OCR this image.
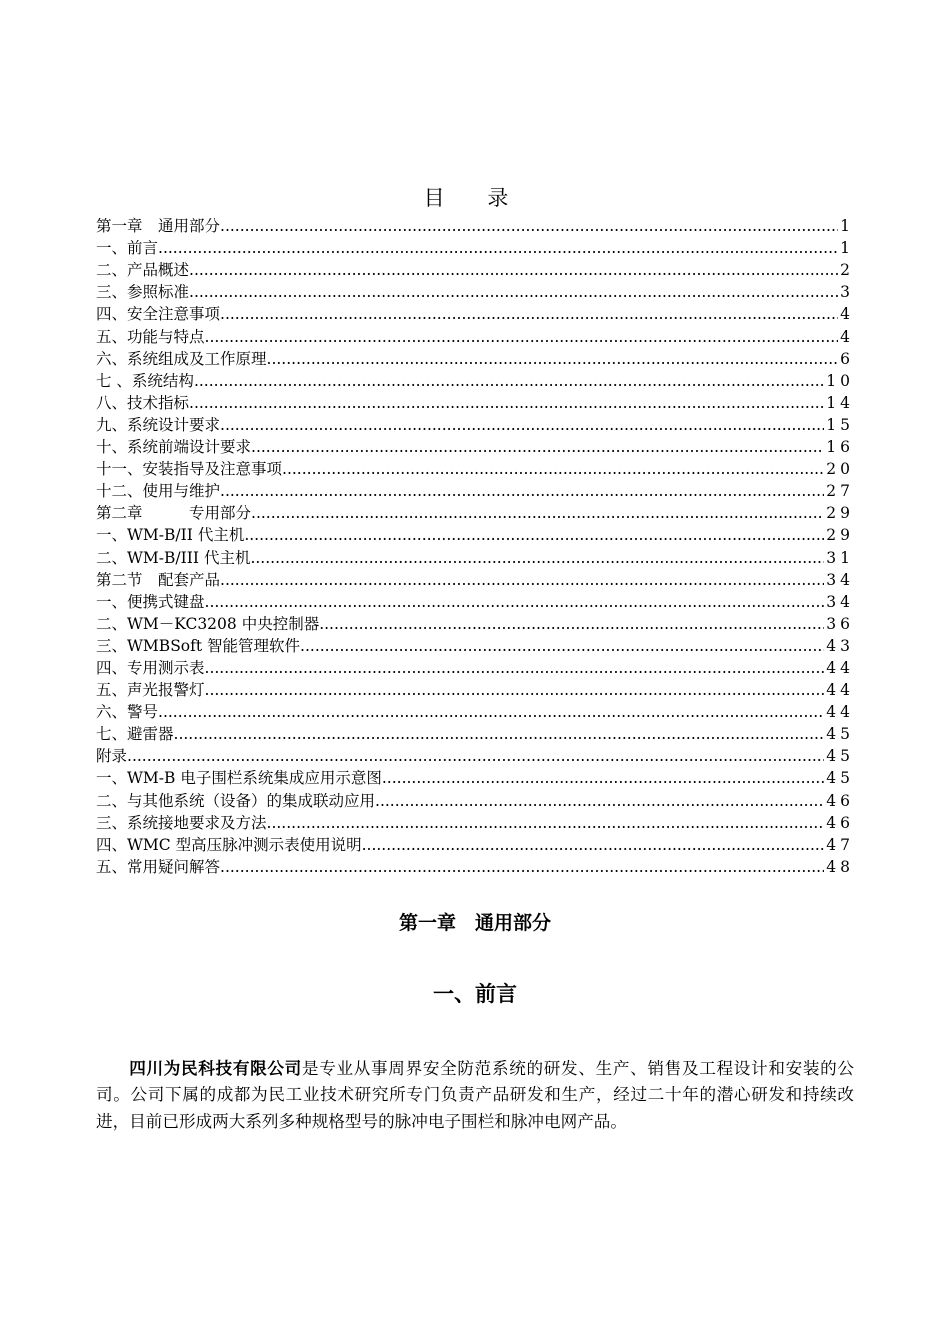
目 录
第一章　通用部分 .....	1
一、前言 .....	1
二、产品概述 .....	2
三、参照标准 .....	3
四、安全注意事项 .....	4
五、功能与特点 .....	4
六、系统组成及工作原理 .....	6
七 、系统结构 .....	10
八、技术指标 .....	14
九、系统设计要求 .....	15
十、系统前端设计要求 .....	16
十一、安装指导及注意事项 .....	20
十二、使用与维护 .....	27
第二章　　　专用部分 .....	29
一、WM-B/II 代主机 .....	29
二、WM-B/III 代主机 .....	31
第二节　配套产品 .....	34
一、便携式键盘 .....	34
二、WM－KC3208 中央控制器 .....	36
三、WMBSoft 智能管理软件 .....	43
四、专用测示表 .....	44
五、声光报警灯 .....	44
六、警号 .....	44
七、避雷器 .....	45
附录 .....	45
一、WM-B 电子围栏系统集成应用示意图 .....	45
二、与其他系统（设备）的集成联动应用 .....	46
三、系统接地要求及方法 .....	46
四、WMC 型高压脉冲测示表使用说明 .....	47
五、常用疑问解答 .....	48
第一章　通用部分
一、前言

四川为民科技有限公司是专业从事周界安全防范系统的研发、生产、销售及工程设计和安装的公司。公司下属的成都为民工业技术研究所专门负责产品研发和生产，经过二十年的潜心研发和持续改进，目前已形成两大系列多种规格型号的脉冲电子围栏和脉冲电网产品。
